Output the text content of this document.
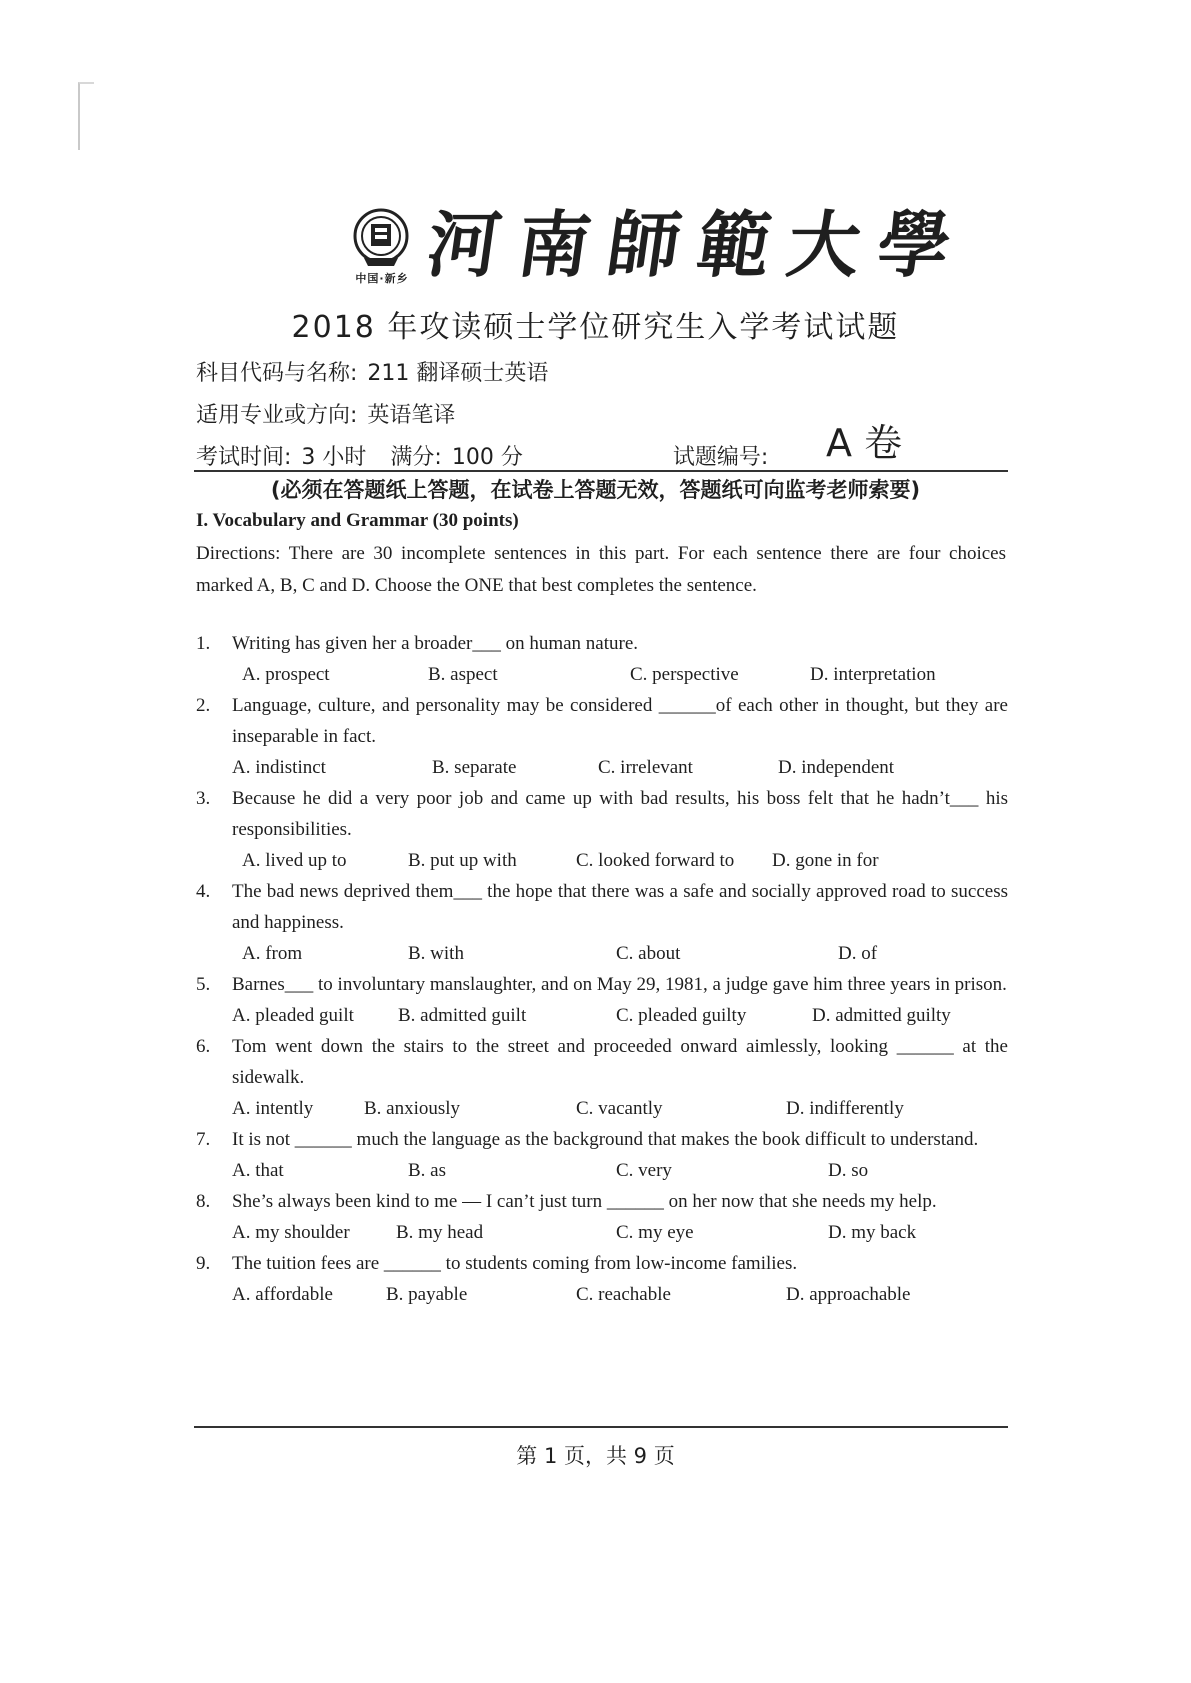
中国·新乡 河南師範大學
2018 年攻读硕士学位研究生入学考试试题
科目代码与名称: 211 翻译硕士英语
适用专业或方向: 英语笔译
考试时间: 3 小时 满分: 100 分	试题编号: A 卷
(必须在答题纸上答题，在试卷上答题无效，答题纸可向监考老师索要)
I. Vocabulary and Grammar (30 points)
Directions: There are 30 incomplete sentences in this part. For each sentence there are four choices marked A, B, C and D. Choose the ONE that best completes the sentence.
1.	Writing has given her a broader___ on human nature.
A. prospect	B. aspect	C. perspective	D. interpretation
2.	Language, culture, and personality may be considered ______of each other in thought, but they are inseparable in fact.
A. indistinct	B. separate	C. irrelevant	D. independent
3.	Because he did a very poor job and came up with bad results, his boss felt that he hadn’t___ his responsibilities.
A. lived up to	B. put up with	C. looked forward to D. gone in for
4.	The bad news deprived them___ the hope that there was a safe and socially approved road to success and happiness.
A. from	B. with	C. about	D. of
5.	Barnes___ to involuntary manslaughter, and on May 29, 1981, a judge gave him three years in prison.
A. pleaded guilt B. admitted guilt	C. pleaded guilty	D. admitted guilty
6.	Tom went down the stairs to the street and proceeded onward aimlessly, looking ______ at the sidewalk.
A. intently	B. anxiously	C. vacantly	D. indifferently
7.	It is not ______ much the language as the background that makes the book difficult to understand.
A. that	B. as	C. very	D. so
8.	She’s always been kind to me — I can’t just turn ______ on her now that she needs my help.
A. my shoulder B. my head	C. my eye	D. my back
9.	The tuition fees are ______ to students coming from low-income families.
A. affordable	B. payable	C. reachable	D. approachable
第 1 页，共 9 页
